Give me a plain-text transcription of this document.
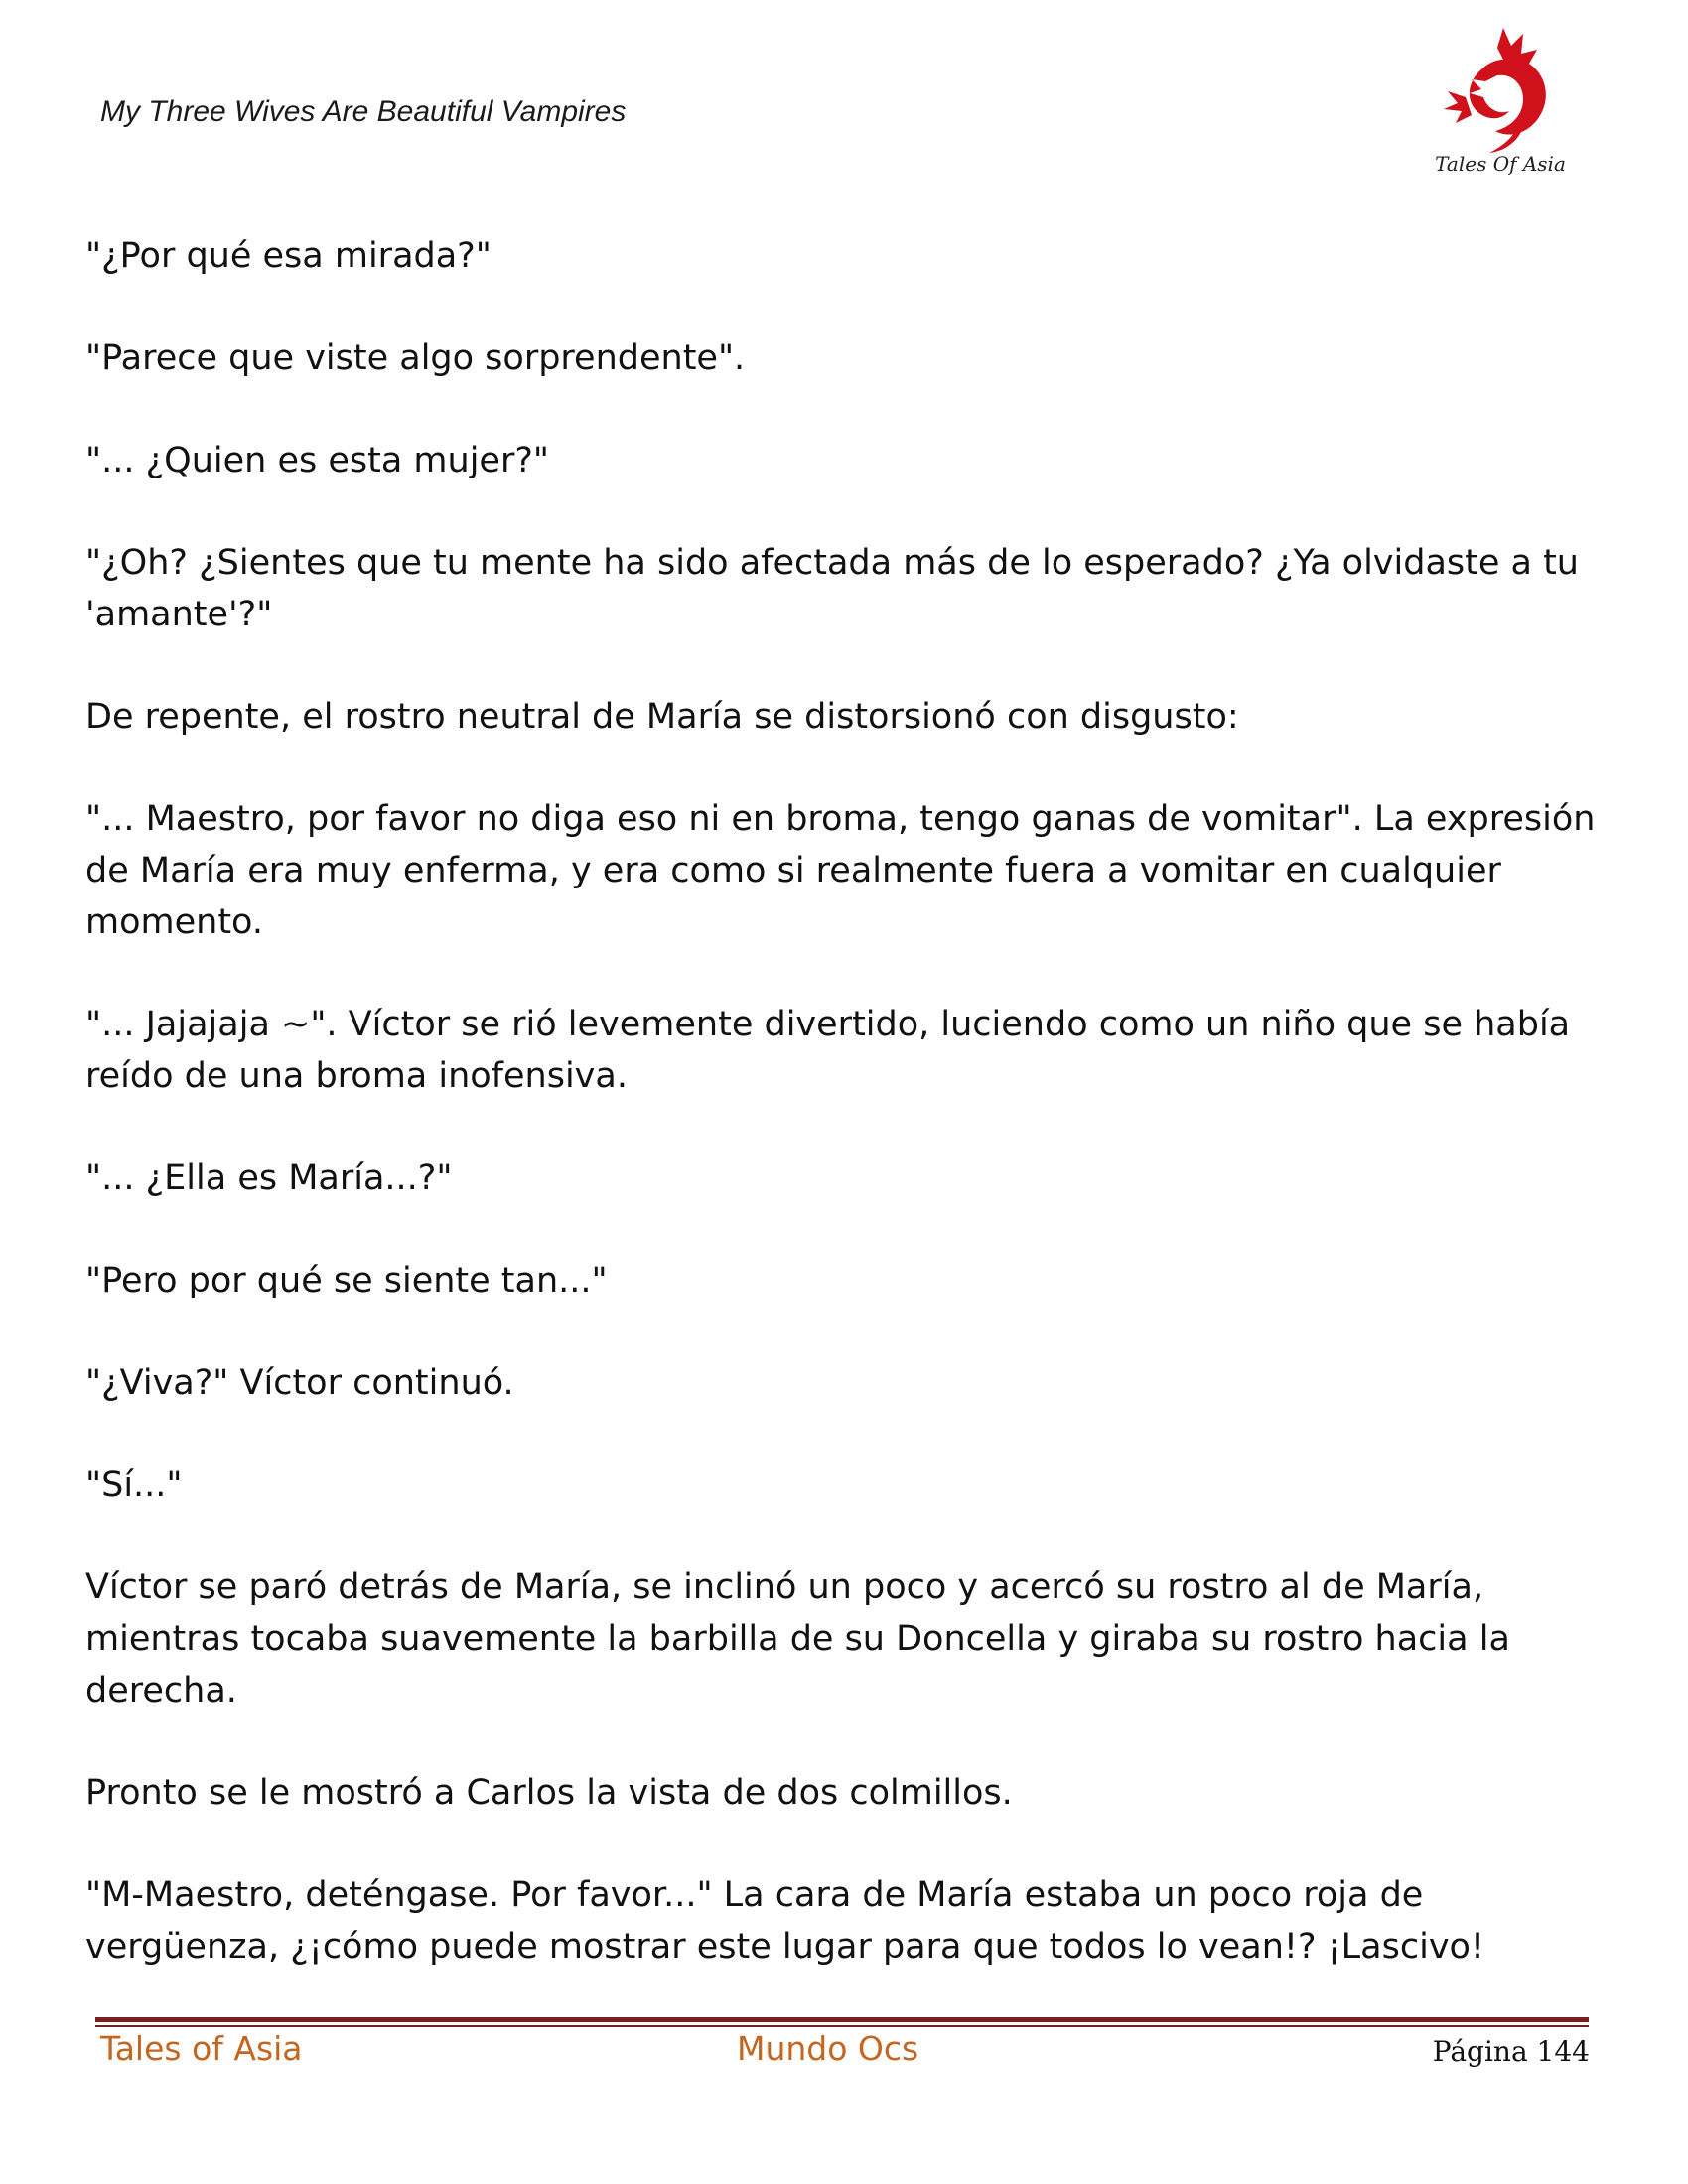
My Three Wives Are Beautiful Vampires
Tales Of Asia

"¿Por qué esa mirada?"

"Parece que viste algo sorprendente".

"... ¿Quien es esta mujer?"

"¿Oh? ¿Sientes que tu mente ha sido afectada más de lo esperado? ¿Ya olvidaste a tu 'amante'?"

De repente, el rostro neutral de María se distorsionó con disgusto:

"... Maestro, por favor no diga eso ni en broma, tengo ganas de vomitar". La expresión de María era muy enferma, y era como si realmente fuera a vomitar en cualquier momento.

"... Jajajaja ~". Víctor se rió levemente divertido, luciendo como un niño que se había reído de una broma inofensiva.

"... ¿Ella es María...?"

"Pero por qué se siente tan..."

"¿Viva?" Víctor continuó.

"Sí..."

Víctor se paró detrás de María, se inclinó un poco y acercó su rostro al de María, mientras tocaba suavemente la barbilla de su Doncella y giraba su rostro hacia la derecha.

Pronto se le mostró a Carlos la vista de dos colmillos.

"M-Maestro, deténgase. Por favor..." La cara de María estaba un poco roja de vergüenza, ¿¡cómo puede mostrar este lugar para que todos lo vean!? ¡Lascivo!

Tales of Asia	Mundo Ocs	Página 144
